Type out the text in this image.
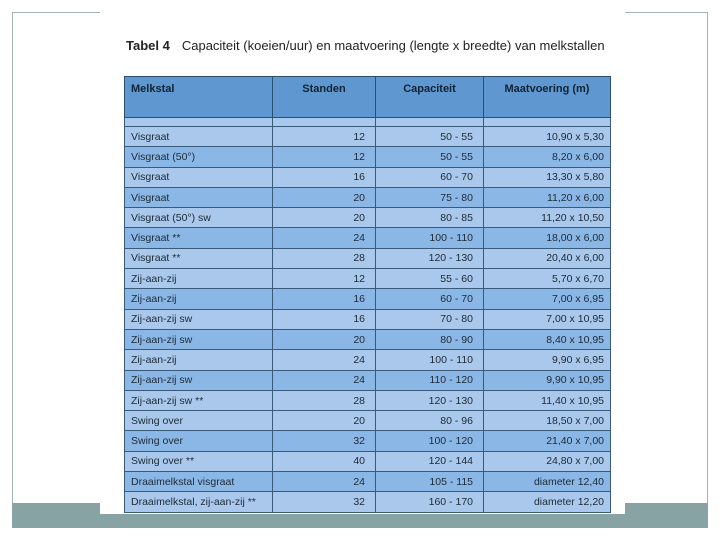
Tabel 4 Capaciteit (koeien/uur) en maatvoering (lengte x breedte) van melkstallen
Melkstal	Standen	Capaciteit	Maatvoering (m)

Visgraat	12	50 - 55	10,90 x 5,30
Visgraat (50°)	12	50 - 55	8,20 x 6,00
Visgraat	16	60 - 70	13,30 x 5,80
Visgraat	20	75 - 80	11,20 x 6,00
Visgraat (50°) sw	20	80 - 85	11,20 x 10,50
Visgraat **	24	100 - 110	18,00 x 6,00
Visgraat **	28	120 - 130	20,40 x 6,00
Zij-aan-zij	12	55 - 60	5,70 x 6,70
Zij-aan-zij	16	60 - 70	7,00 x 6,95
Zij-aan-zij sw	16	70 - 80	7,00 x 10,95
Zij-aan-zij sw	20	80 - 90	8,40 x 10,95
Zij-aan-zij	24	100 - 110	9,90 x 6,95
Zij-aan-zij sw	24	110 - 120	9,90 x 10,95
Zij-aan-zij sw **	28	120 - 130	11,40 x 10,95
Swing over	20	80 - 96	18,50 x 7,00
Swing over	32	100 - 120	21,40 x 7,00
Swing over **	40	120 - 144	24,80 x 7,00
Draaimelkstal visgraat	24	105 - 115	diameter 12,40
Draaimelkstal, zij-aan-zij **	32	160 - 170	diameter 12,20
